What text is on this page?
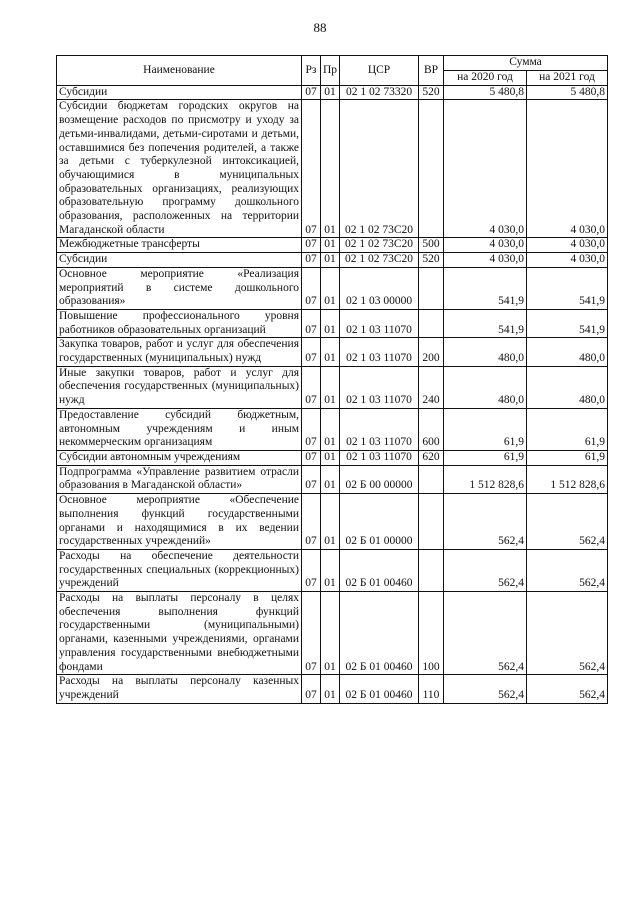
88
Наименование	Рз	Пр	ЦСР	ВР	Сумма	
					на 2020 год	на 2021 год
Субсидии	07	01	02 1 02 73320	520	5 480,8	5 480,8
Субсидии бюджетам городских округов на возмещение расходов по присмотру и уходу за детьми-инвалидами, детьми-сиротами и детьми, оставшимися без попечения родителей, а также за детьми с туберкулезной интоксикацией, обучающимися в муниципальных образовательных организациях, реализующих образовательную программу дошкольного образования, расположенных на территории Магаданской области	07	01	02 1 02 73С20		4 030,0	4 030,0
Межбюджетные трансферты	07	01	02 1 02 73С20	500	4 030,0	4 030,0
Субсидии	07	01	02 1 02 73С20	520	4 030,0	4 030,0
Основное мероприятие «Реализация мероприятий в системе дошкольного образования»	07	01	02 1 03 00000		541,9	541,9
Повышение профессионального уровня работников образовательных организаций	07	01	02 1 03 11070		541,9	541,9
Закупка товаров, работ и услуг для обеспечения государственных (муниципальных) нужд	07	01	02 1 03 11070	200	480,0	480,0
Иные закупки товаров, работ и услуг для обеспечения государственных (муниципальных) нужд	07	01	02 1 03 11070	240	480,0	480,0
Предоставление субсидий бюджетным, автономным учреждениям и иным некоммерческим организациям	07	01	02 1 03 11070	600	61,9	61,9
Субсидии автономным учреждениям	07	01	02 1 03 11070	620	61,9	61,9
Подпрограмма «Управление развитием отрасли образования в Магаданской области»	07	01	02 Б 00 00000		1 512 828,6	1 512 828,6
Основное мероприятие «Обеспечение выполнения функций государственными органами и находящимися в их ведении государственных учреждений»	07	01	02 Б 01 00000		562,4	562,4
Расходы на обеспечение деятельности государственных специальных (коррекционных) учреждений	07	01	02 Б 01 00460		562,4	562,4
Расходы на выплаты персоналу в целях обеспечения выполнения функций государственными (муниципальными) органами, казенными учреждениями, органами управления государственными внебюджетными фондами	07	01	02 Б 01 00460	100	562,4	562,4
Расходы на выплаты персоналу казенных учреждений	07	01	02 Б 01 00460	110	562,4	562,4
